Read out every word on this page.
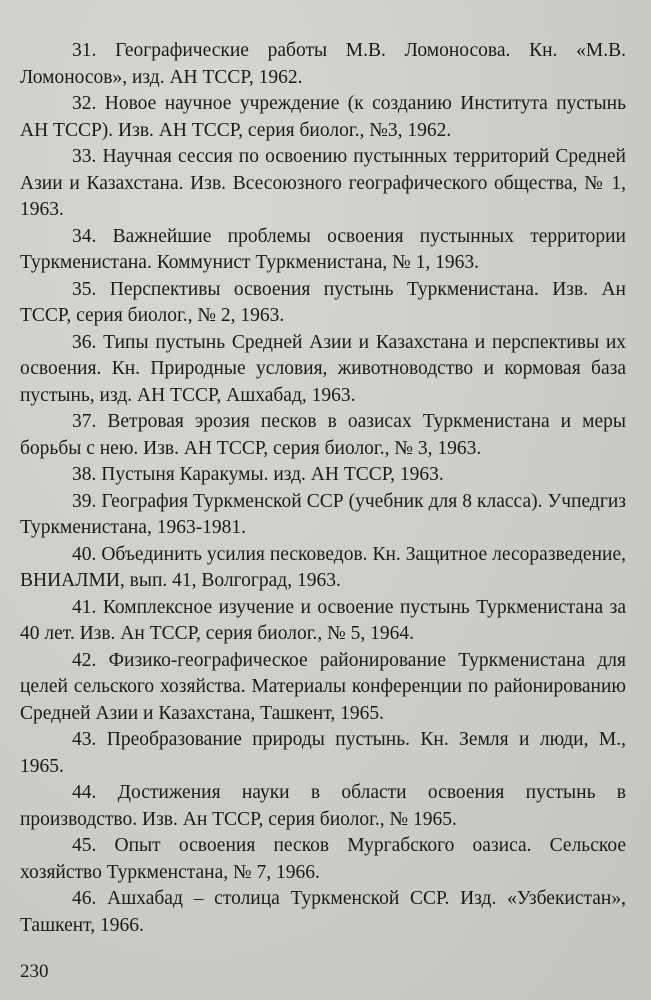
31. Географические работы М.В. Ломоносова. Кн. «М.В. Ломоносов», изд. АН ТССР, 1962.

32. Новое научное учреждение (к созданию Института пустынь АН ТССР). Изв. АН ТССР, серия биолог., №3, 1962.

33. Научная сессия по освоению пустынных территорий Средней Азии и Казахстана. Изв. Всесоюзного географического общества, № 1, 1963.

34. Важнейшие проблемы освоения пустынных территории Туркменистана. Коммунист Туркменистана, № 1, 1963.

35. Перспективы освоения пустынь Туркменистана. Изв. Ан ТССР, серия биолог., № 2, 1963.

36. Типы пустынь Средней Азии и Казахстана и перспективы их освоения. Кн. Природные условия, животноводство и кормовая база пустынь, изд. АН ТССР, Ашхабад, 1963.

37. Ветровая эрозия песков в оазисах Туркменистана и меры борьбы с нею. Изв. АН ТССР, серия биолог., № 3, 1963.

38. Пустыня Каракумы. изд. АН ТССР, 1963.

39. География Туркменской ССР (учебник для 8 класса). Учпедгиз Туркменистана, 1963-1981.

40. Объединить усилия песковедов. Кн. Защитное лесоразведение, ВНИАЛМИ, вып. 41, Волгоград, 1963.

41. Комплексное изучение и освоение пустынь Туркменистана за 40 лет. Изв. Ан ТССР, серия биолог., № 5, 1964.

42. Физико-географическое районирование Туркменистана для целей сельского хозяйства. Материалы конференции по районированию Средней Азии и Казахстана, Ташкент, 1965.

43. Преобразование природы пустынь. Кн. Земля и люди, М., 1965.

44. Достижения науки в области освоения пустынь в производство. Изв. Ан ТССР, серия биолог., № 1965.

45. Опыт освоения песков Мургабского оазиса. Сельское хозяйство Туркменстана, № 7, 1966.

46. Ашхабад – столица Туркменской ССР. Изд. «Узбекистан», Ташкент, 1966.

230
